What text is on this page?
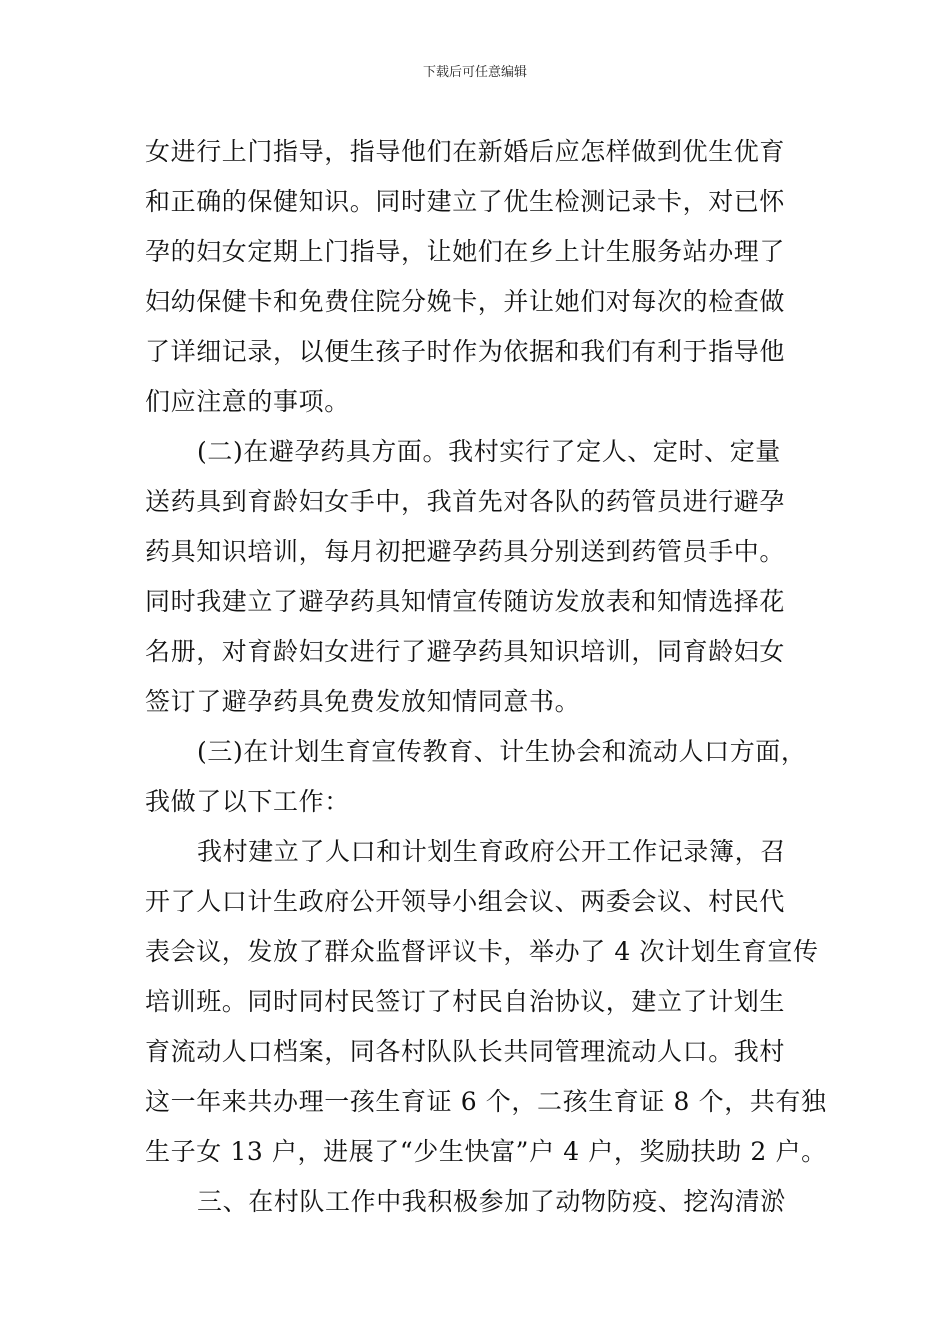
下载后可任意编辑
女进行上门指导，指导他们在新婚后应怎样做到优生优育
和正确的保健知识。同时建立了优生检测记录卡，对已怀
孕的妇女定期上门指导，让她们在乡上计生服务站办理了
妇幼保健卡和免费住院分娩卡，并让她们对每次的检查做
了详细记录，以便生孩子时作为依据和我们有利于指导他
们应注意的事项。
(二)在避孕药具方面。我村实行了定人、定时、定量
送药具到育龄妇女手中，我首先对各队的药管员进行避孕
药具知识培训，每月初把避孕药具分别送到药管员手中。
同时我建立了避孕药具知情宣传随访发放表和知情选择花
名册，对育龄妇女进行了避孕药具知识培训，同育龄妇女
签订了避孕药具免费发放知情同意书。
(三)在计划生育宣传教育、计生协会和流动人口方面，
我做了以下工作：
我村建立了人口和计划生育政府公开工作记录簿，召
开了人口计生政府公开领导小组会议、两委会议、村民代
表会议，发放了群众监督评议卡，举办了 4 次计划生育宣传
培训班。同时同村民签订了村民自治协议，建立了计划生
育流动人口档案，同各村队队长共同管理流动人口。我村
这一年来共办理一孩生育证 6 个，二孩生育证 8 个，共有独
生子女 13 户，进展了“少生快富”户 4 户，奖励扶助 2 户。
三、在村队工作中我积极参加了动物防疫、挖沟清淤
